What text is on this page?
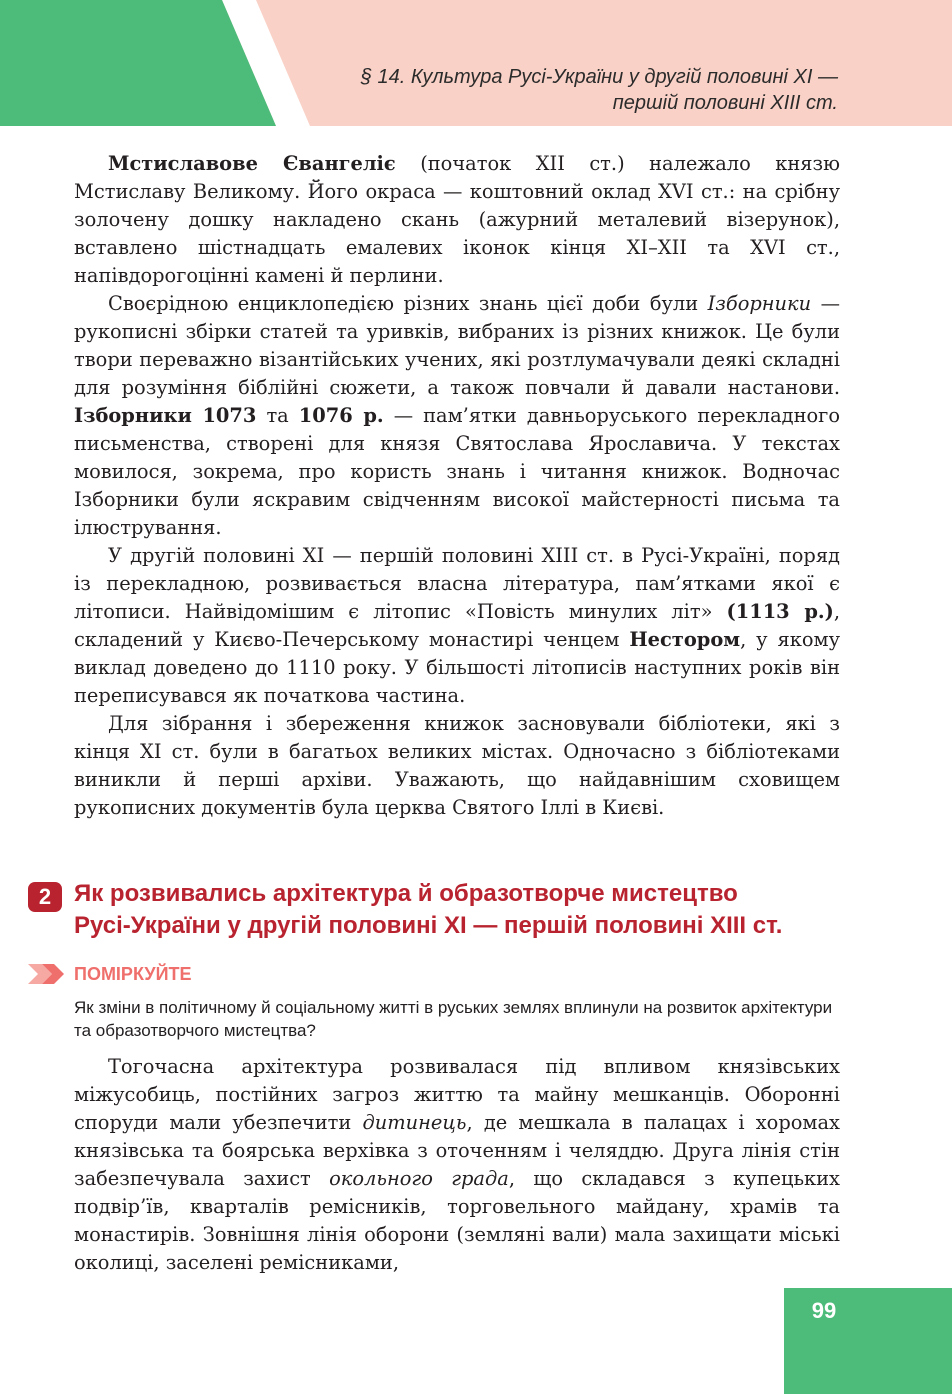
§ 14. Культура Русі-України у другій половині XI —
першій половині XIII ст.

Мстиславове Євангеліє (початок XII ст.) належало князю Мстиславу Великому. Його окраса — коштовний оклад XVI ст.: на срібну золочену дошку накладено скань (ажурний металевий візерунок), вставлено шістнадцать емалевих іконок кінця XI–XII та XVI ст., напівдорогоцінні камені й перлини.

Своєрідною енциклопедією різних знань цієї доби були Ізборники — рукописні збірки статей та уривків, вибраних із різних книжок. Це були твори переважно візантійських учених, які розтлумачували деякі складні для розуміння біблійні сюжети, а також повчали й давали настанови. Ізборники 1073 та 1076 р. — пам’ятки давньоруського перекладного письменства, створені для князя Святослава Ярославича. У текстах мовилося, зокрема, про користь знань і читання книжок. Водночас Ізборники були яскравим свідченням високої майстерності письма та ілюстрування.

У другій половині XI — першій половині XIII ст. в Русі-Україні, поряд із перекладною, розвивається власна література, пам’ятками якої є літописи. Найвідомішим є літопис «Повість минулих літ» (1113 р.), складений у Києво-Печерському монастирі ченцем Нестором, у якому виклад доведено до 1110 року. У більшості літописів наступних років він переписувався як початкова частина.

Для зібрання і збереження книжок засновували бібліотеки, які з кінця XI ст. були в багатьох великих містах. Одночасно з бібліотеками виникли й перші архіви. Уважають, що найдавнішим сховищем рукописних документів була церква Святого Іллі в Києві.

2 Як розвивались архітектура й образотворче мистецтво
Русі-України у другій половині XI — першій половині XIII ст.
ПОМІРКУЙТЕ
Як зміни в політичному й соціальному житті в руських землях вплинули на розвиток архітектури та образотворчого мистецтва?

Тогочасна архітектура розвивалася під впливом князівських міжусобиць, постійних загроз життю та майну мешканців. Оборонні споруди мали убезпечити дитинець, де мешкала в палацах і хоромах князівська та боярська верхівка з оточенням і челяддю. Друга лінія стін забезпечувала захист окольного града, що складався з купецьких подвір’їв, кварталів ремісників, торговельного майдану, храмів та монастирів. Зовнішня лінія оборони (земляні вали) мала захищати міські околиці, заселені ремісниками,

99
